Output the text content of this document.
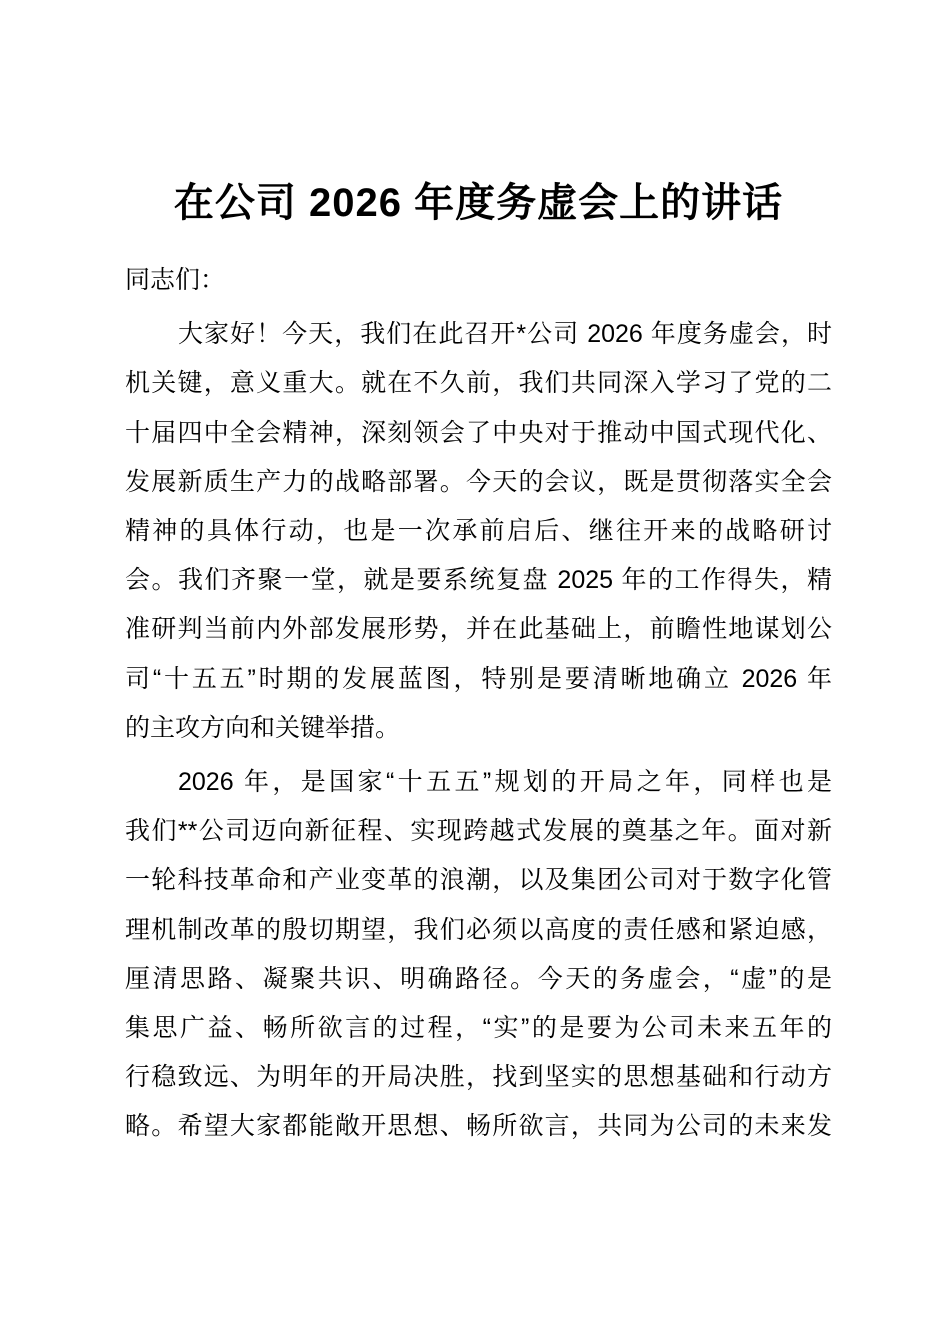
在公司 2026 年度务虚会上的讲话
同志们：
大家好！今天，我们在此召开*公司 2026 年度务虚会，时
机关键，意义重大。就在不久前，我们共同深入学习了党的二
十届四中全会精神，深刻领会了中央对于推动中国式现代化、
发展新质生产力的战略部署。今天的会议，既是贯彻落实全会
精神的具体行动，也是一次承前启后、继往开来的战略研讨
会。我们齐聚一堂，就是要系统复盘 2025 年的工作得失，精
准研判当前内外部发展形势，并在此基础上，前瞻性地谋划公
司“十五五”时期的发展蓝图，特别是要清晰地确立 2026 年
的主攻方向和关键举措。
2026 年，是国家“十五五”规划的开局之年，同样也是
我们**公司迈向新征程、实现跨越式发展的奠基之年。面对新
一轮科技革命和产业变革的浪潮，以及集团公司对于数字化管
理机制改革的殷切期望，我们必须以高度的责任感和紧迫感，
厘清思路、凝聚共识、明确路径。今天的务虚会，“虚”的是
集思广益、畅所欲言的过程，“实”的是要为公司未来五年的
行稳致远、为明年的开局决胜，找到坚实的思想基础和行动方
略。希望大家都能敞开思想、畅所欲言，共同为公司的未来发
